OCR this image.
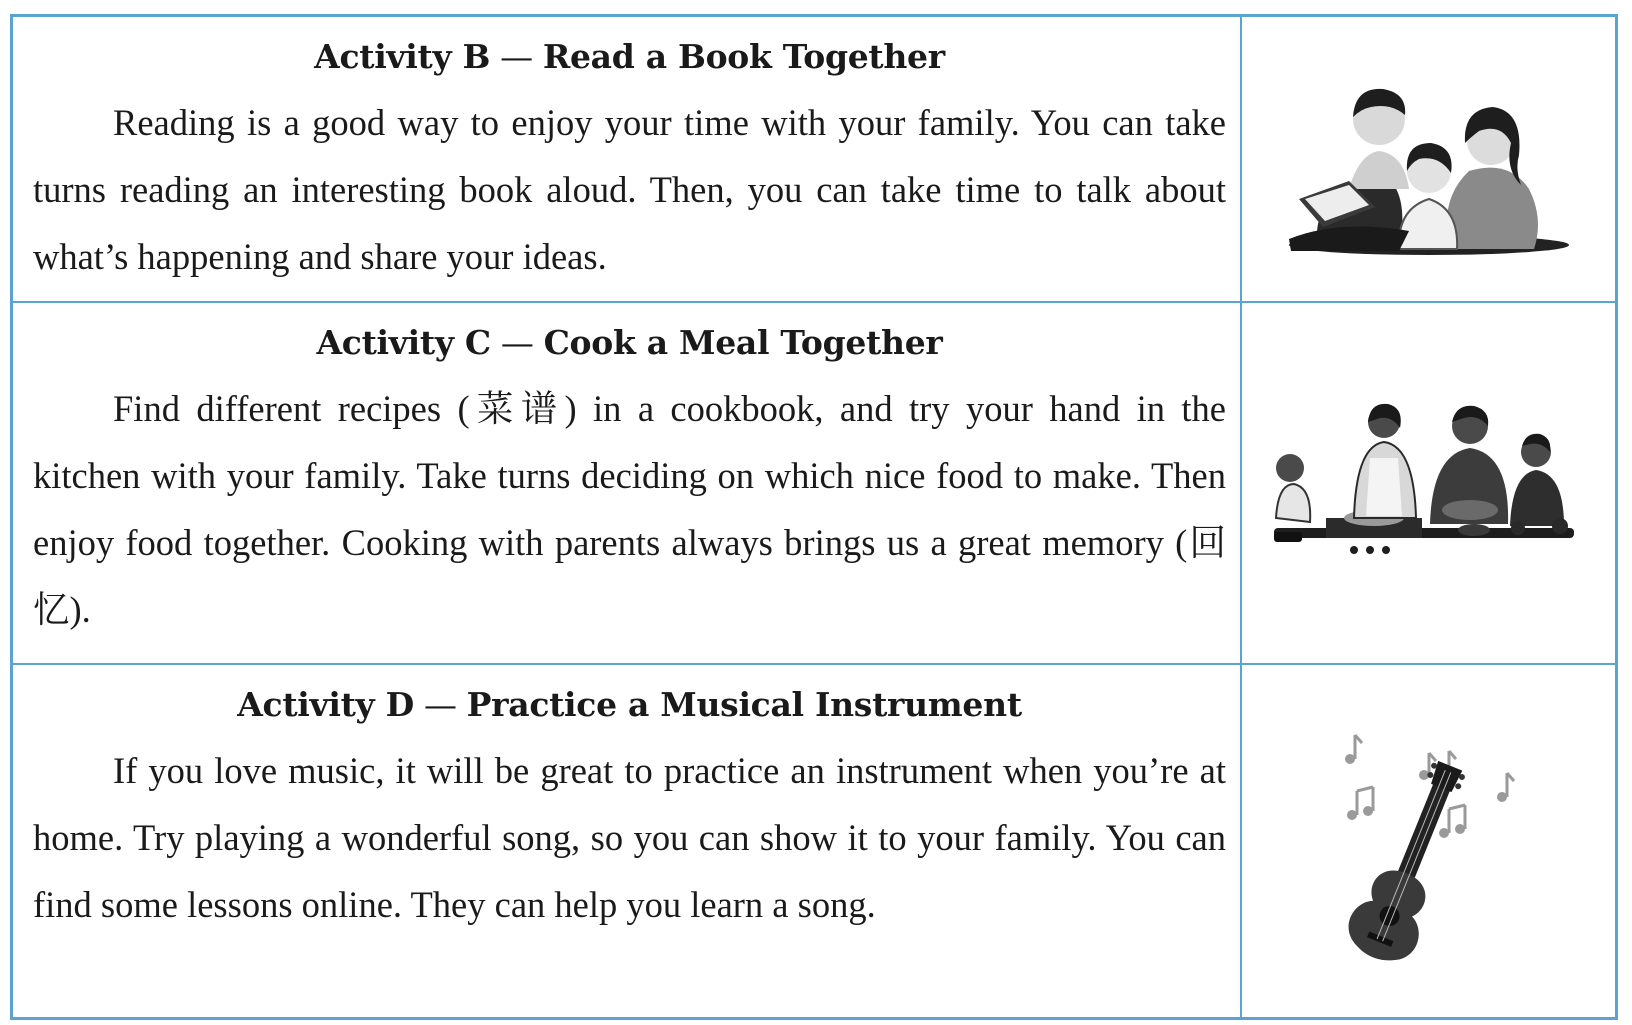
Activity B — Read a Book Together

Reading is a good way to enjoy your time with your family. You can take turns reading an interesting book aloud. Then, you can take time to talk about what’s happening and share your ideas.

Activity C — Cook a Meal Together

Find different recipes (菜谱) in a cookbook, and try your hand in the kitchen with your family. Take turns deciding on which nice food to make. Then enjoy food together. Cooking with parents always brings us a great memory (回忆).

Activity D — Practice a Musical Instrument

If you love music, it will be great to practice an instrument when you’re at home. Try playing a wonderful song, so you can show it to your family. You can find some lessons online. They can help you learn a song.
